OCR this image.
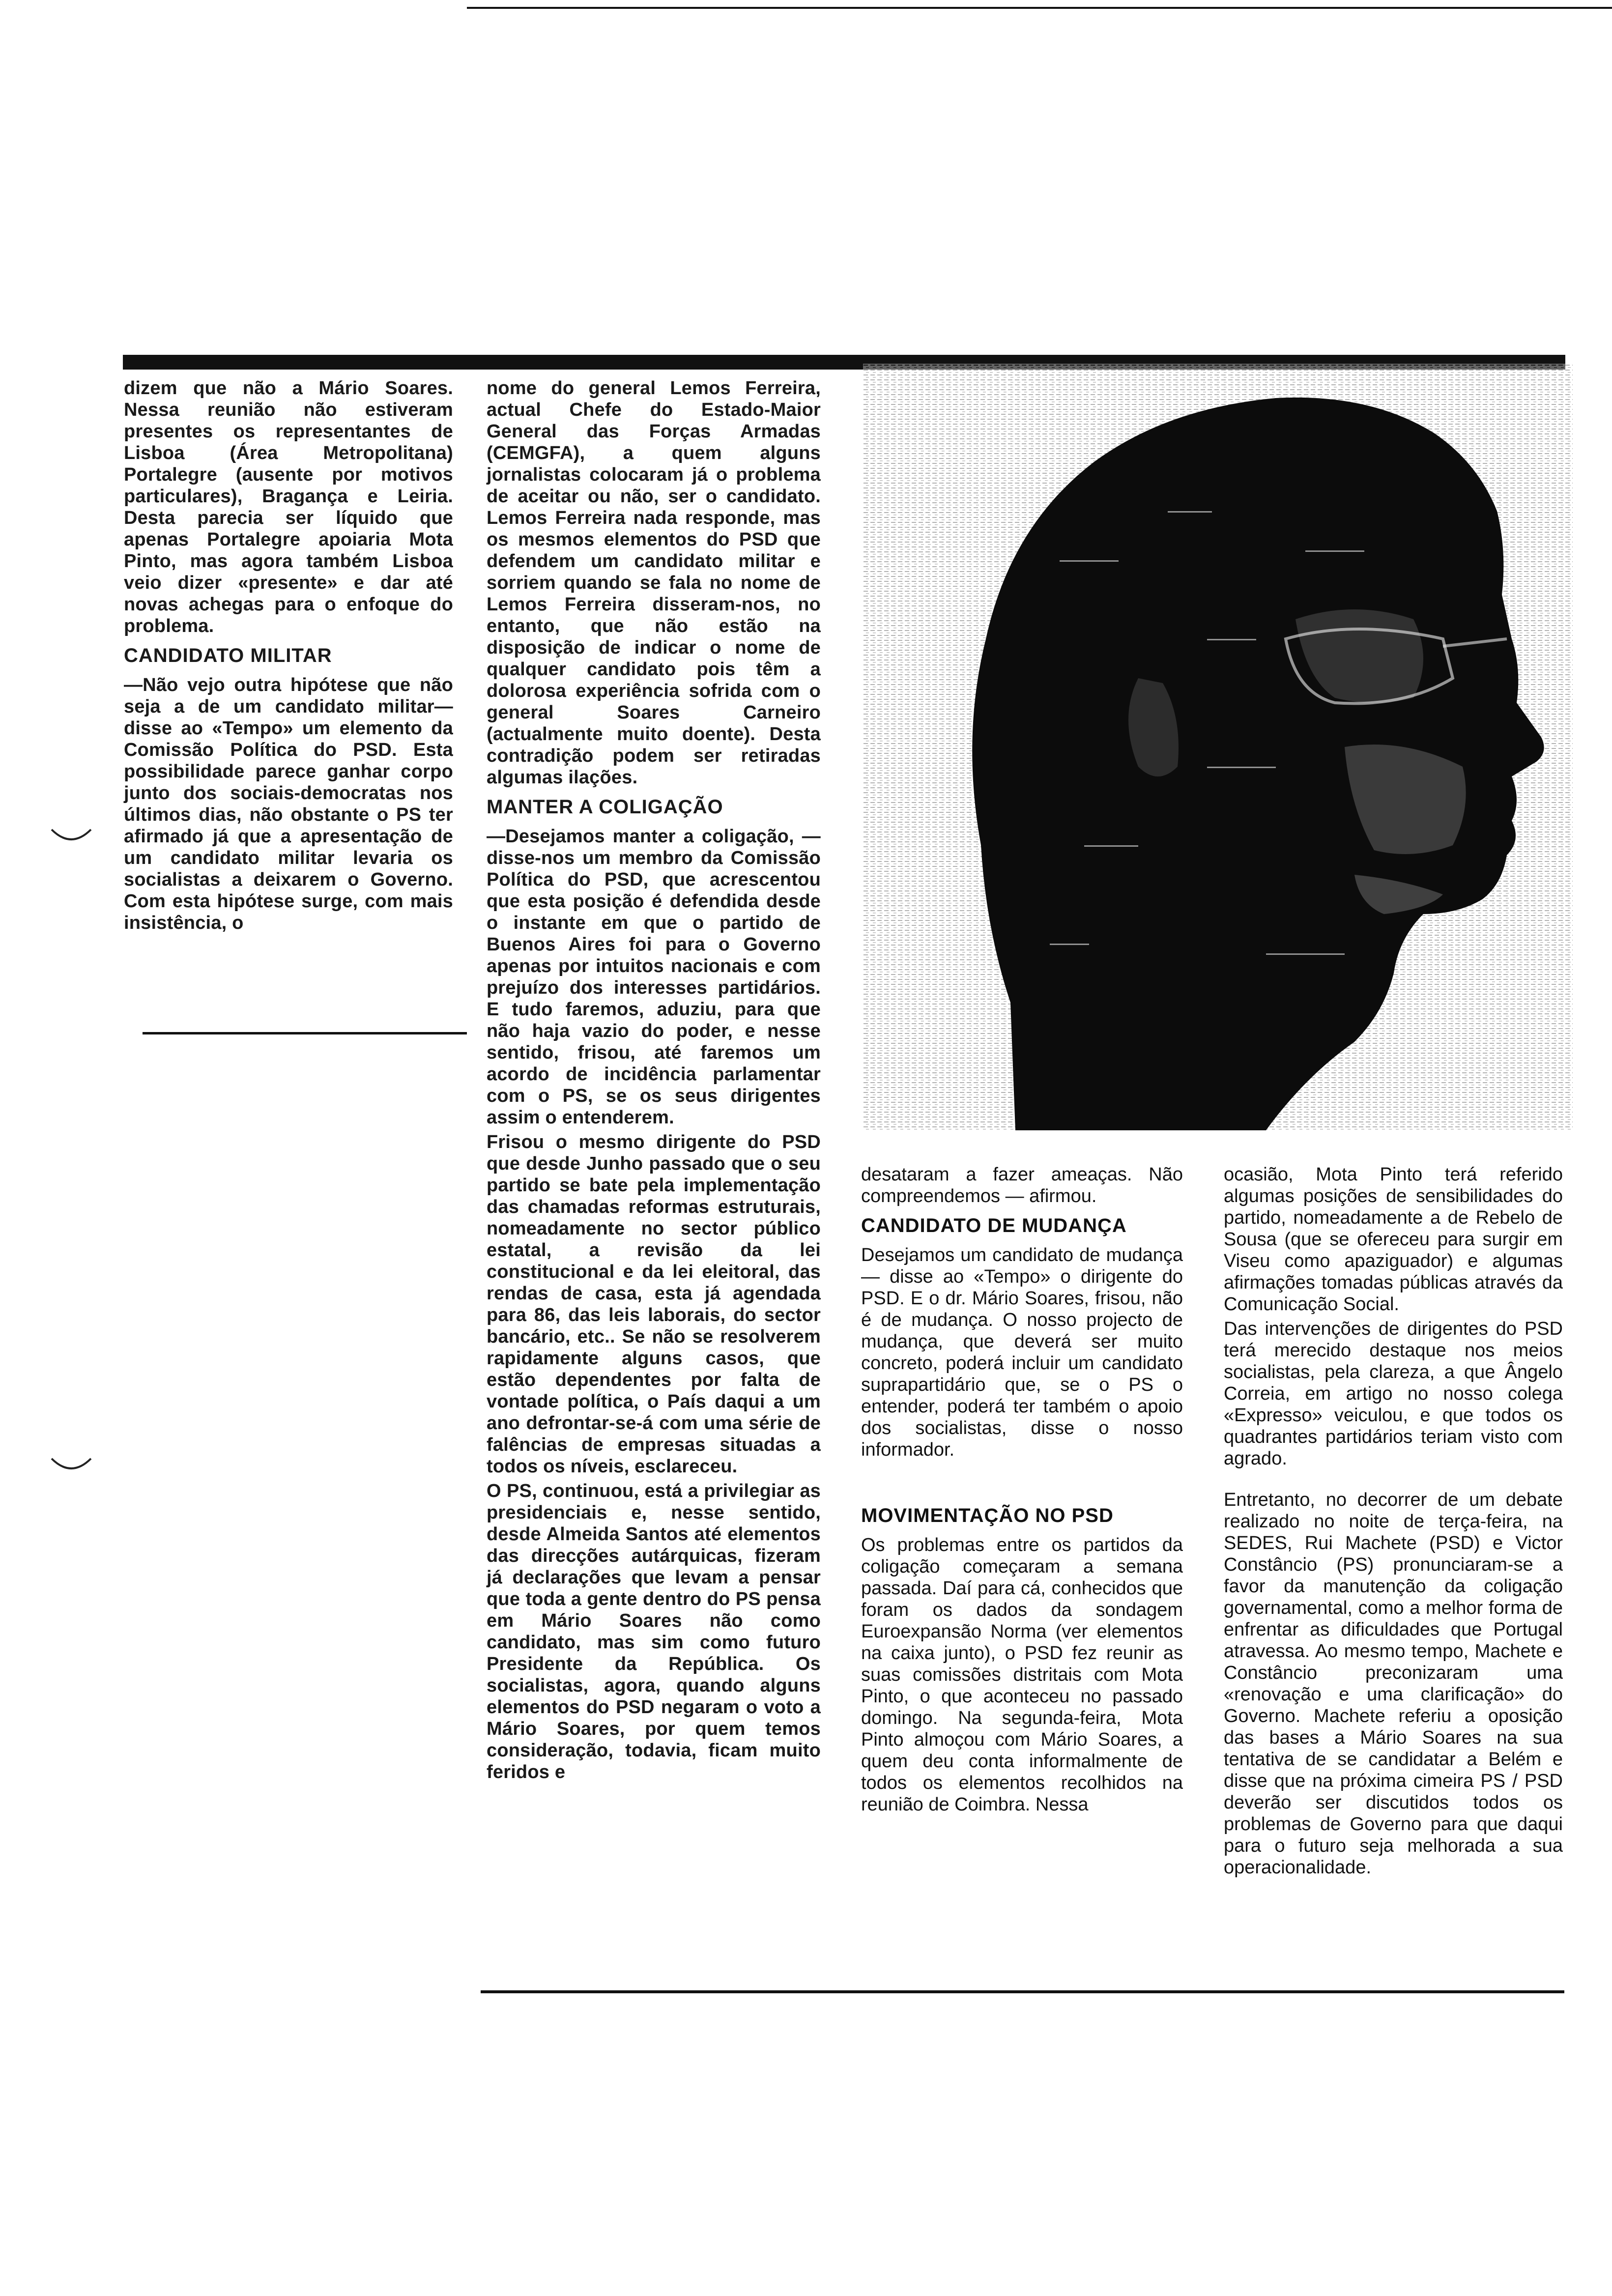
dizem que não a Mário Soares. Nessa reunião não estiveram presentes os representantes de Lisboa (Área Metropolitana) Portalegre (ausente por motivos particulares), Bragança e Leiria. Desta parecia ser líquido que apenas Portalegre apoiaria Mota Pinto, mas agora também Lisboa veio dizer «presente» e dar até novas achegas para o enfoque do problema.

CANDIDATO MILITAR

—Não vejo outra hipótese que não seja a de um candidato militar— disse ao «Tempo» um elemento da Comissão Política do PSD. Esta possibilidade parece ganhar corpo junto dos sociais-democratas nos últimos dias, não obstante o PS ter afirmado já que a apresentação de um candidato militar levaria os socialistas a deixarem o Governo. Com esta hipótese surge, com mais insistência, o

nome do general Lemos Ferreira, actual Chefe do Estado-Maior General das Forças Armadas (CEMGFA), a quem alguns jornalistas colocaram já o problema de aceitar ou não, ser o candidato. Lemos Ferreira nada responde, mas os mesmos elementos do PSD que defendem um candidato militar e sorriem quando se fala no nome de Lemos Ferreira disseram-nos, no entanto, que não estão na disposição de indicar o nome de qualquer candidato pois têm a dolorosa experiência sofrida com o general Soares Carneiro (actualmente muito doente). Desta contradição podem ser retiradas algumas ilações.

MANTER A COLIGAÇÃO

—Desejamos manter a coligação, — disse-nos um membro da Comissão Política do PSD, que acrescentou que esta posição é defendida desde o instante em que o partido de Buenos Aires foi para o Governo apenas por intuitos nacionais e com prejuízo dos interesses partidários. E tudo faremos, aduziu, para que não haja vazio do poder, e nesse sentido, frisou, até faremos um acordo de incidência parlamentar com o PS, se os seus dirigentes assim o entenderem.

Frisou o mesmo dirigente do PSD que desde Junho passado que o seu partido se bate pela implementação das chamadas reformas estruturais, nomeadamente no sector público estatal, a revisão da lei constitucional e da lei eleitoral, das rendas de casa, esta já agendada para 86, das leis laborais, do sector bancário, etc.. Se não se resolverem rapidamente alguns casos, que estão dependentes por falta de vontade política, o País daqui a um ano defrontar-se-á com uma série de falências de empresas situadas a todos os níveis, esclareceu.

O PS, continuou, está a privilegiar as presidenciais e, nesse sentido, desde Almeida Santos até elementos das direcções autárquicas, fizeram já declarações que levam a pensar que toda a gente dentro do PS pensa em Mário Soares não como candidato, mas sim como futuro Presidente da República. Os socialistas, agora, quando alguns elementos do PSD negaram o voto a Mário Soares, por quem temos consideração, todavia, ficam muito feridos e

desataram a fazer ameaças. Não compreendemos — afirmou.

CANDIDATO DE MUDANÇA

Desejamos um candidato de mudança — disse ao «Tempo» o dirigente do PSD. E o dr. Mário Soares, frisou, não é de mudança. O nosso projecto de mudança, que deverá ser muito concreto, poderá incluir um candidato suprapartidário que, se o PS o entender, poderá ter também o apoio dos socialistas, disse o nosso informador.

MOVIMENTAÇÃO NO PSD

Os problemas entre os partidos da coligação começaram a semana passada. Daí para cá, conhecidos que foram os dados da sondagem Euroexpansão Norma (ver elementos na caixa junto), o PSD fez reunir as suas comissões distritais com Mota Pinto, o que aconteceu no passado domingo. Na segunda-feira, Mota Pinto almoçou com Mário Soares, a quem deu conta informalmente de todos os elementos recolhidos na reunião de Coimbra. Nessa

ocasião, Mota Pinto terá referido algumas posições de sensibilidades do partido, nomeadamente a de Rebelo de Sousa (que se ofereceu para surgir em Viseu como apaziguador) e algumas afirmações tomadas públicas através da Comunicação Social.

Das intervenções de dirigentes do PSD terá merecido destaque nos meios socialistas, pela clareza, a que Ângelo Correia, em artigo no nosso colega «Expresso» veiculou, e que todos os quadrantes partidários teriam visto com agrado.

Entretanto, no decorrer de um debate realizado no noite de terça-feira, na SEDES, Rui Machete (PSD) e Victor Constâncio (PS) pronunciaram-se a favor da manutenção da coligação governamental, como a melhor forma de enfrentar as dificuldades que Portugal atravessa. Ao mesmo tempo, Machete e Constâncio preconizaram uma «renovação e uma clarificação» do Governo. Machete referiu a oposição das bases a Mário Soares na sua tentativa de se candidatar a Belém e disse que na próxima cimeira PS / PSD deverão ser discutidos todos os problemas de Governo para que daqui para o futuro seja melhorada a sua operacionalidade.
